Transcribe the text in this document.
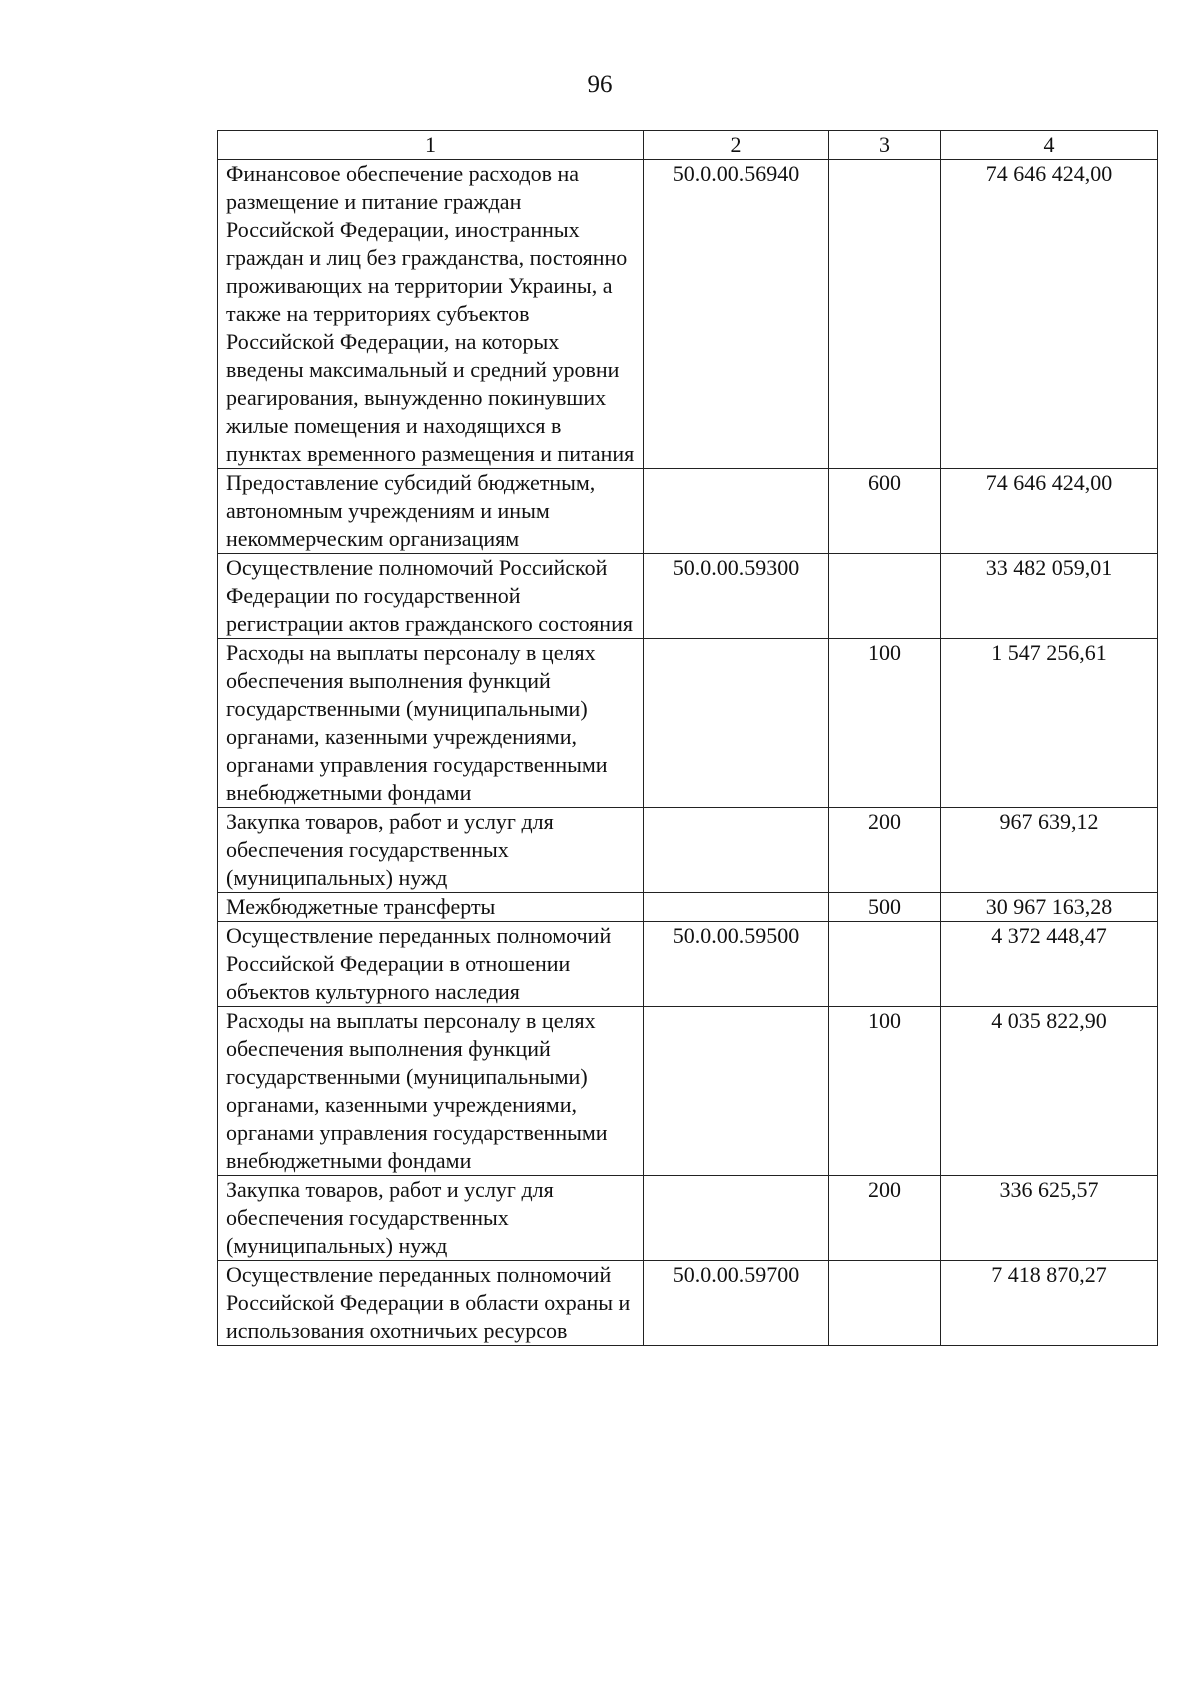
96
1	2	3	4
Финансовое обеспечение расходов на размещение и питание граждан Российской Федерации, иностранных граждан и лиц без гражданства, постоянно проживающих на территории Украины, а также на территориях субъектов Российской Федерации, на которых введены максимальный и средний уровни реагирования, вынужденно покинувших жилые помещения и находящихся в пунктах временного размещения и питания	50.0.00.56940		74 646 424,00
Предоставление субсидий бюджетным, автономным учреждениям и иным некоммерческим организациям		600	74 646 424,00
Осуществление полномочий Российской Федерации по государственной регистрации актов гражданского состояния	50.0.00.59300		33 482 059,01
Расходы на выплаты персоналу в целях обеспечения выполнения функций государственными (муниципальными) органами, казенными учреждениями, органами управления государственными внебюджетными фондами		100	1 547 256,61
Закупка товаров, работ и услуг для обеспечения государственных (муниципальных) нужд		200	967 639,12
Межбюджетные трансферты		500	30 967 163,28
Осуществление переданных полномочий Российской Федерации в отношении объектов культурного наследия	50.0.00.59500		4 372 448,47
Расходы на выплаты персоналу в целях обеспечения выполнения функций государственными (муниципальными) органами, казенными учреждениями, органами управления государственными внебюджетными фондами		100	4 035 822,90
Закупка товаров, работ и услуг для обеспечения государственных (муниципальных) нужд		200	336 625,57
Осуществление переданных полномочий Российской Федерации в области охраны и использования охотничьих ресурсов	50.0.00.59700		7 418 870,27
